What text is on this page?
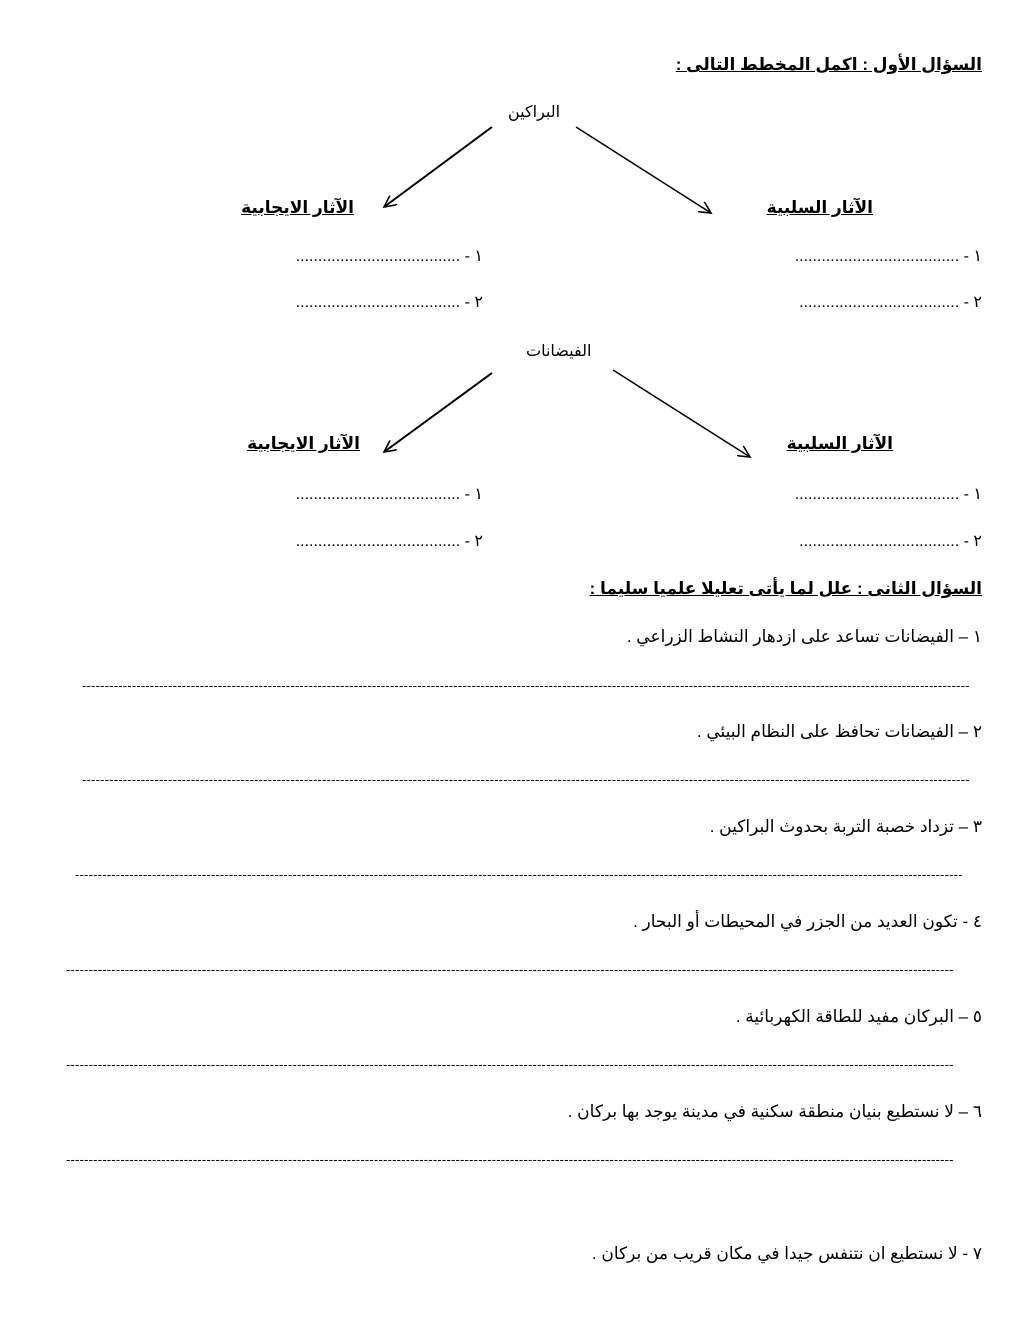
السؤال الأول : اكمل المخطط التالى :
البراكين
الآثار السلبية
الآثار الايجابية
١ - .....................................
٢ - ....................................
١ - .....................................
٢ - .....................................
الفيضانات
الآثار السلبية
الآثار الايجابية
١ - .....................................
٢ - ....................................
١ - .....................................
٢ - .....................................
السؤال الثانى : علل لما يأتى تعليلا علميا سليما :
١ – الفيضانات تساعد على ازدهار النشاط الزراعي .
----------------------------------------------------------------------------------------------------------------------------------------------------------------------------------------------------
٢ – الفيضانات تحافظ على النظام البيئي .
----------------------------------------------------------------------------------------------------------------------------------------------------------------------------------------------------
٣ – تزداد خصبة التربة بحدوث البراكين .
----------------------------------------------------------------------------------------------------------------------------------------------------------------------------------------------------
٤ - تكون العديد من الجزر في المحيطات أو البحار .
----------------------------------------------------------------------------------------------------------------------------------------------------------------------------------------------------
٥ – البركان مفيد للطاقة الكهربائية .
----------------------------------------------------------------------------------------------------------------------------------------------------------------------------------------------------
٦ – لا نستطيع بنيان منطقة سكنية في مدينة يوجد بها بركان .
----------------------------------------------------------------------------------------------------------------------------------------------------------------------------------------------------
٧ - لا نستطيع ان نتنفس جيدا في مكان قريب من بركان .
